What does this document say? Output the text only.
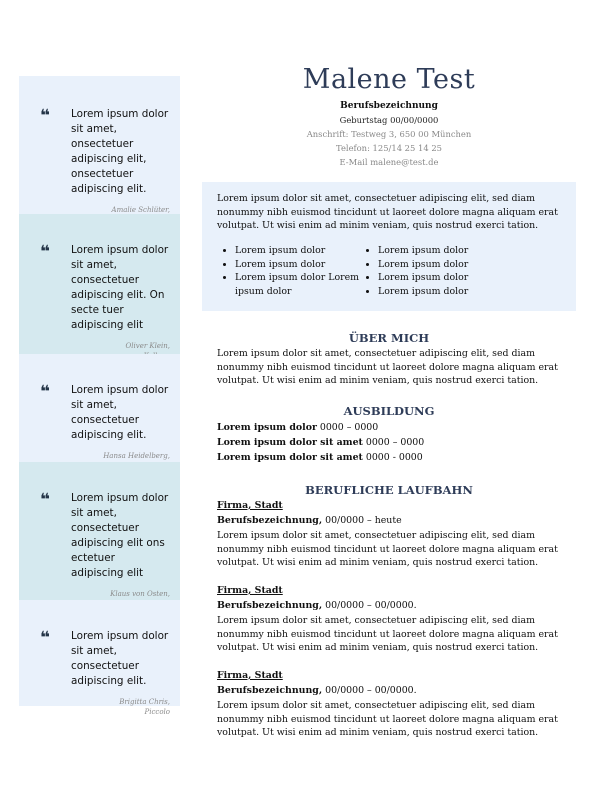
❝ Lorem ipsum dolor sit amet, onsectetuer adipiscing elit, onsectetuer adipiscing elit.
Amalie Schlüter,
❝ Lorem ipsum dolor sit amet, consectetuer adipiscing elit. On secte tuer adipiscing elit
Oliver Klein,
❝ Lorem ipsum dolor sit amet, consectetuer adipiscing elit.
Hansa Heidelberg,
❝ Lorem ipsum dolor sit amet, consectetuer adipiscing elit ons ectetuer adipiscing elit
Klaus von Osten,
❝ Lorem ipsum dolor sit amet, consectetuer adipiscing elit.
Brigitta Chris,
Piccolo
Malene Test
Berufsbezeichnung
Geburtstag 00/00/0000
Anschrift: Testweg 3, 650 00 München
Telefon: 125/14 25 14 25
E-Mail malene@test.de
Lorem ipsum dolor sit amet, consectetuer adipiscing elit, sed diam nonummy nibh euismod tincidunt ut laoreet dolore magna aliquam erat volutpat. Ut wisi enim ad minim veniam, quis nostrud exerci tation.
• Lorem ipsum dolor
• Lorem ipsum dolor
• Lorem ipsum dolor Lorem ipsum dolor
• Lorem ipsum dolor
• Lorem ipsum dolor
• Lorem ipsum dolor
• Lorem ipsum dolor
ÜBER MICH
Lorem ipsum dolor sit amet, consectetuer adipiscing elit, sed diam nonummy nibh euismod tincidunt ut laoreet dolore magna aliquam erat volutpat. Ut wisi enim ad minim veniam, quis nostrud exerci tation.
AUSBILDUNG
Lorem ipsum dolor 0000 – 0000
Lorem ipsum dolor sit amet 0000 – 0000
Lorem ipsum dolor sit amet 0000 - 0000
BERUFLICHE LAUFBAHN
Firma, Stadt
Berufsbezeichnung, 00/0000 – heute
Lorem ipsum dolor sit amet, consectetuer adipiscing elit, sed diam nonummy nibh euismod tincidunt ut laoreet dolore magna aliquam erat volutpat. Ut wisi enim ad minim veniam, quis nostrud exerci tation.
Firma, Stadt
Berufsbezeichnung, 00/0000 – 00/0000.
Lorem ipsum dolor sit amet, consectetuer adipiscing elit, sed diam nonummy nibh euismod tincidunt ut laoreet dolore magna aliquam erat volutpat. Ut wisi enim ad minim veniam, quis nostrud exerci tation.
Firma, Stadt
Berufsbezeichnung, 00/0000 – 00/0000.
Lorem ipsum dolor sit amet, consectetuer adipiscing elit, sed diam nonummy nibh euismod tincidunt ut laoreet dolore magna aliquam erat volutpat. Ut wisi enim ad minim veniam, quis nostrud exerci tation.
